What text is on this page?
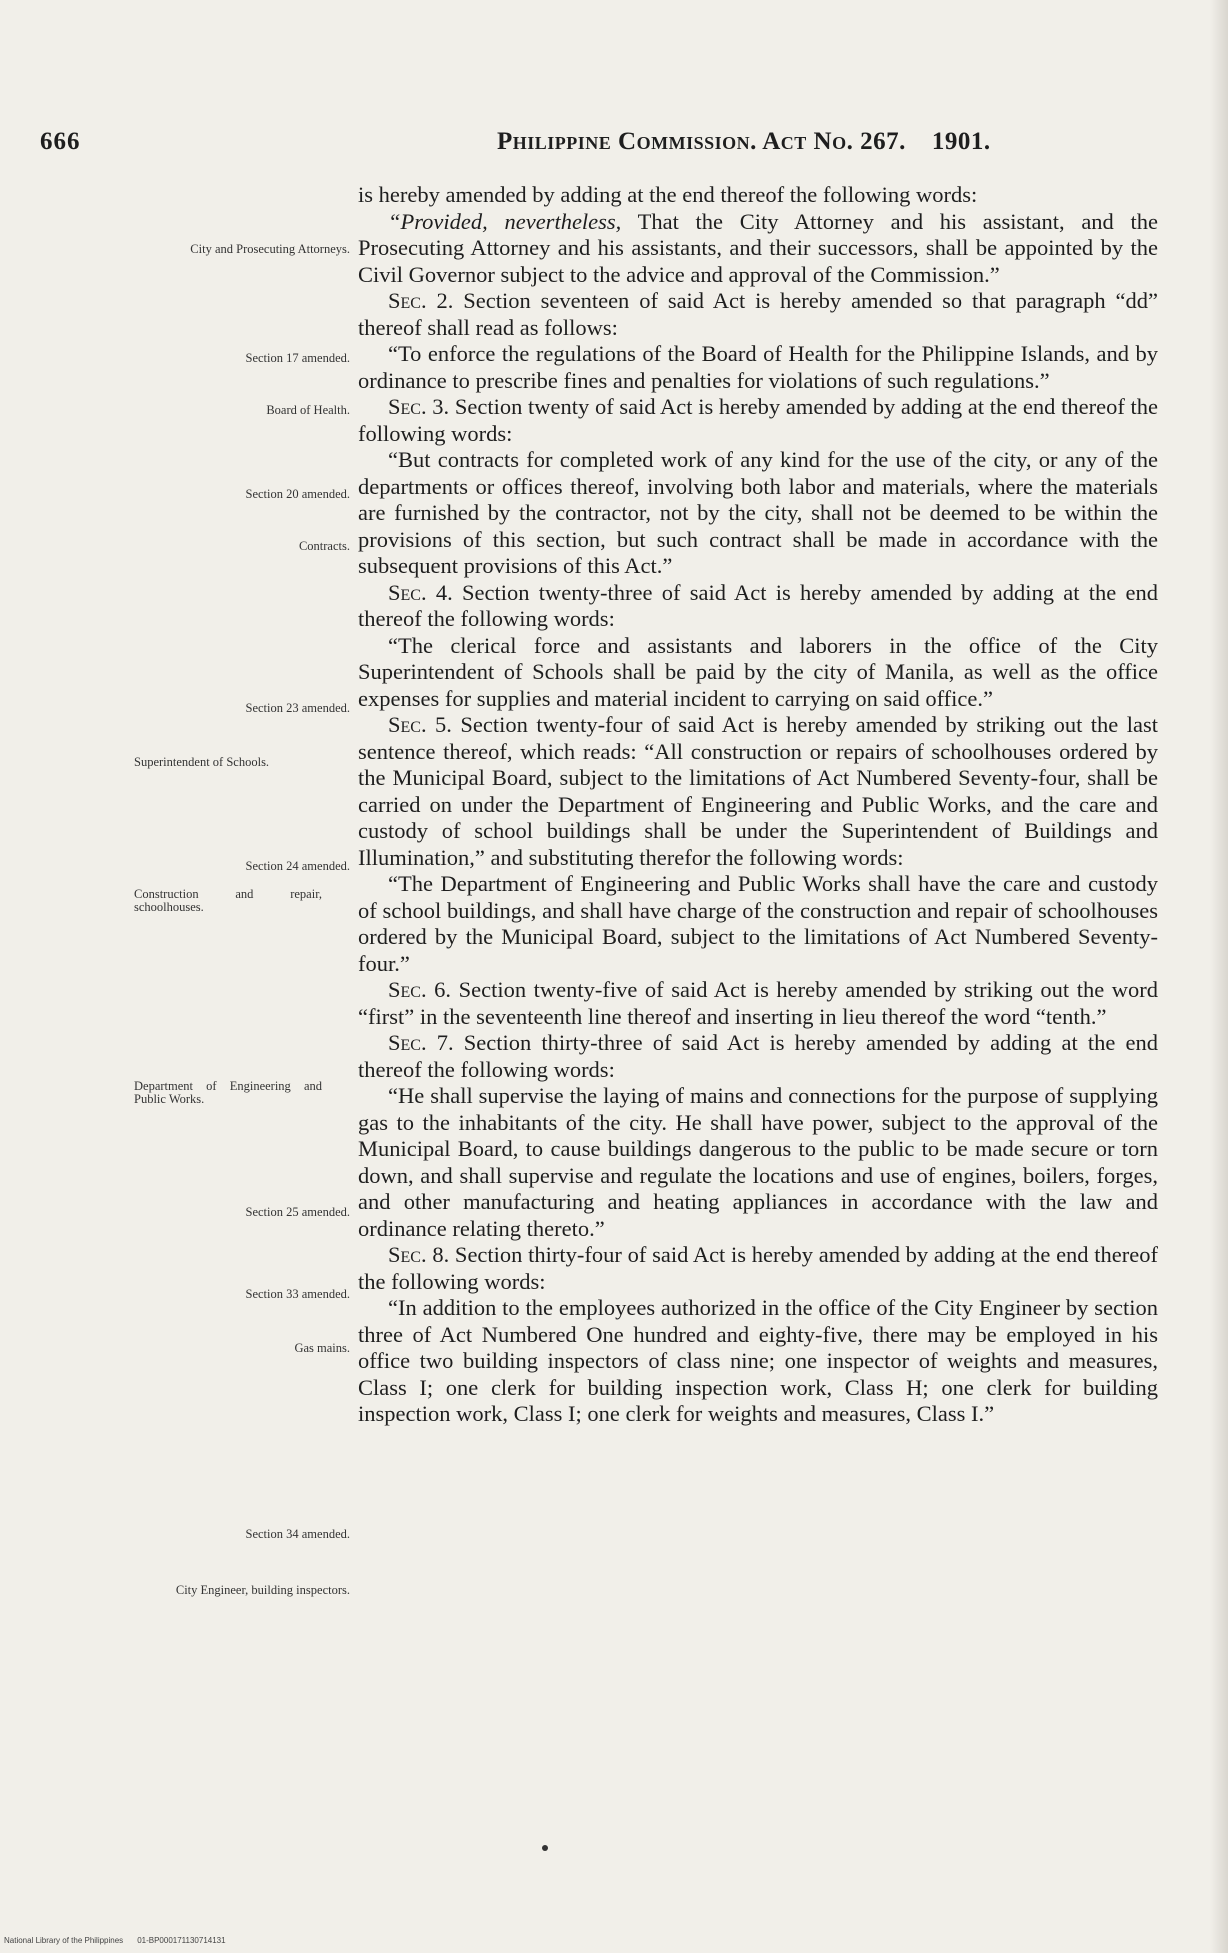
666	Philippine Commission. Act No. 267. 1901.

is hereby amended by adding at the end thereof the following words:

“Provided, nevertheless, That the City Attorney and his assistant, and the Prosecuting Attorney and his assistants, and their successors, shall be appointed by the Civil Governor subject to the advice and approval of the Commission.”

Sec. 2. Section seventeen of said Act is hereby amended so that paragraph “dd” thereof shall read as follows:

“To enforce the regulations of the Board of Health for the Philippine Islands, and by ordinance to prescribe fines and penalties for violations of such regulations.”

Sec. 3. Section twenty of said Act is hereby amended by adding at the end thereof the following words:

“But contracts for completed work of any kind for the use of the city, or any of the departments or offices thereof, involving both labor and materials, where the materials are furnished by the contractor, not by the city, shall not be deemed to be within the provisions of this section, but such contract shall be made in accordance with the subsequent provisions of this Act.”

Sec. 4. Section twenty-three of said Act is hereby amended by adding at the end thereof the following words:

“The clerical force and assistants and laborers in the office of the City Superintendent of Schools shall be paid by the city of Manila, as well as the office expenses for supplies and material incident to carrying on said office.”

Sec. 5. Section twenty-four of said Act is hereby amended by striking out the last sentence thereof, which reads: “All construction or repairs of schoolhouses ordered by the Municipal Board, subject to the limitations of Act Numbered Seventy-four, shall be carried on under the Department of Engineering and Public Works, and the care and custody of school buildings shall be under the Superintendent of Buildings and Illumination,” and substituting therefor the following words:

“The Department of Engineering and Public Works shall have the care and custody of school buildings, and shall have charge of the construction and repair of schoolhouses ordered by the Municipal Board, subject to the limitations of Act Numbered Seventy-four.”

Sec. 6. Section twenty-five of said Act is hereby amended by striking out the word “first” in the seventeenth line thereof and inserting in lieu thereof the word “tenth.”

Sec. 7. Section thirty-three of said Act is hereby amended by adding at the end thereof the following words:

“He shall supervise the laying of mains and connections for the purpose of supplying gas to the inhabitants of the city. He shall have power, subject to the approval of the Municipal Board, to cause buildings dangerous to the public to be made secure or torn down, and shall supervise and regulate the locations and use of engines, boilers, forges, and other manufacturing and heating appliances in accordance with the law and ordinance relating thereto.”

Sec. 8. Section thirty-four of said Act is hereby amended by adding at the end thereof the following words:

“In addition to the employees authorized in the office of the City Engineer by section three of Act Numbered One hundred and eighty-five, there may be employed in his office two building inspectors of class nine; one inspector of weights and measures, Class I; one clerk for building inspection work, Class H; one clerk for building inspection work, Class I; one clerk for weights and measures, Class I.”

City and Prosecuting Attorneys.
Section 17 amended.
Board of Health.
Section 20 amended.
Contracts.
Section 23 amended.
Superintendent of Schools.
Section 24 amended.
Construction and repair, schoolhouses.
Department of Engineering and Public Works.
Section 25 amended.
Section 33 amended.
Gas mains.
Section 34 amended.
City Engineer, building inspectors.
National Library of the Philippines 01-BP000171130714131
